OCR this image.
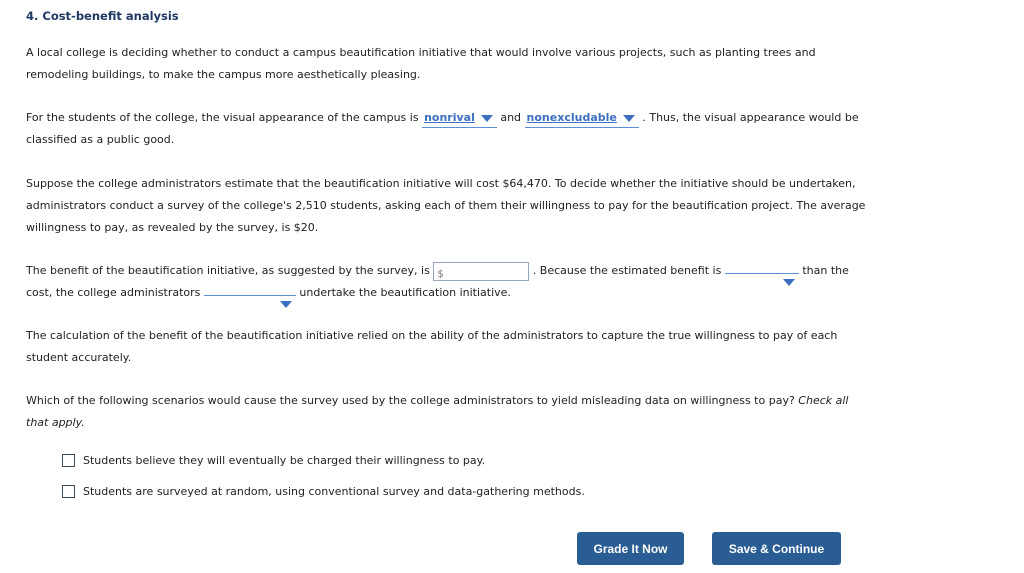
4. Cost-benefit analysis
A local college is deciding whether to conduct a campus beautification initiative that would involve various projects, such as planting trees and remodeling buildings, to make the campus more aesthetically pleasing.
For the students of the college, the visual appearance of the campus is nonrival and nonexcludable . Thus, the visual appearance would be classified as a public good.
Suppose the college administrators estimate that the beautification initiative will cost $64,470. To decide whether the initiative should be undertaken, administrators conduct a survey of the college's 2,510 students, asking each of them their willingness to pay for the beautification project. The average willingness to pay, as revealed by the survey, is $20.
The benefit of the beautification initiative, as suggested by the survey, is $	. Because the estimated benefit is	than the cost, the college administrators	undertake the beautification initiative.
The calculation of the benefit of the beautification initiative relied on the ability of the administrators to capture the true willingness to pay of each student accurately.
Which of the following scenarios would cause the survey used by the college administrators to yield misleading data on willingness to pay? Check all that apply.
Students believe they will eventually be charged their willingness to pay.
Students are surveyed at random, using conventional survey and data-gathering methods.
Grade It Now	Save & Continue
